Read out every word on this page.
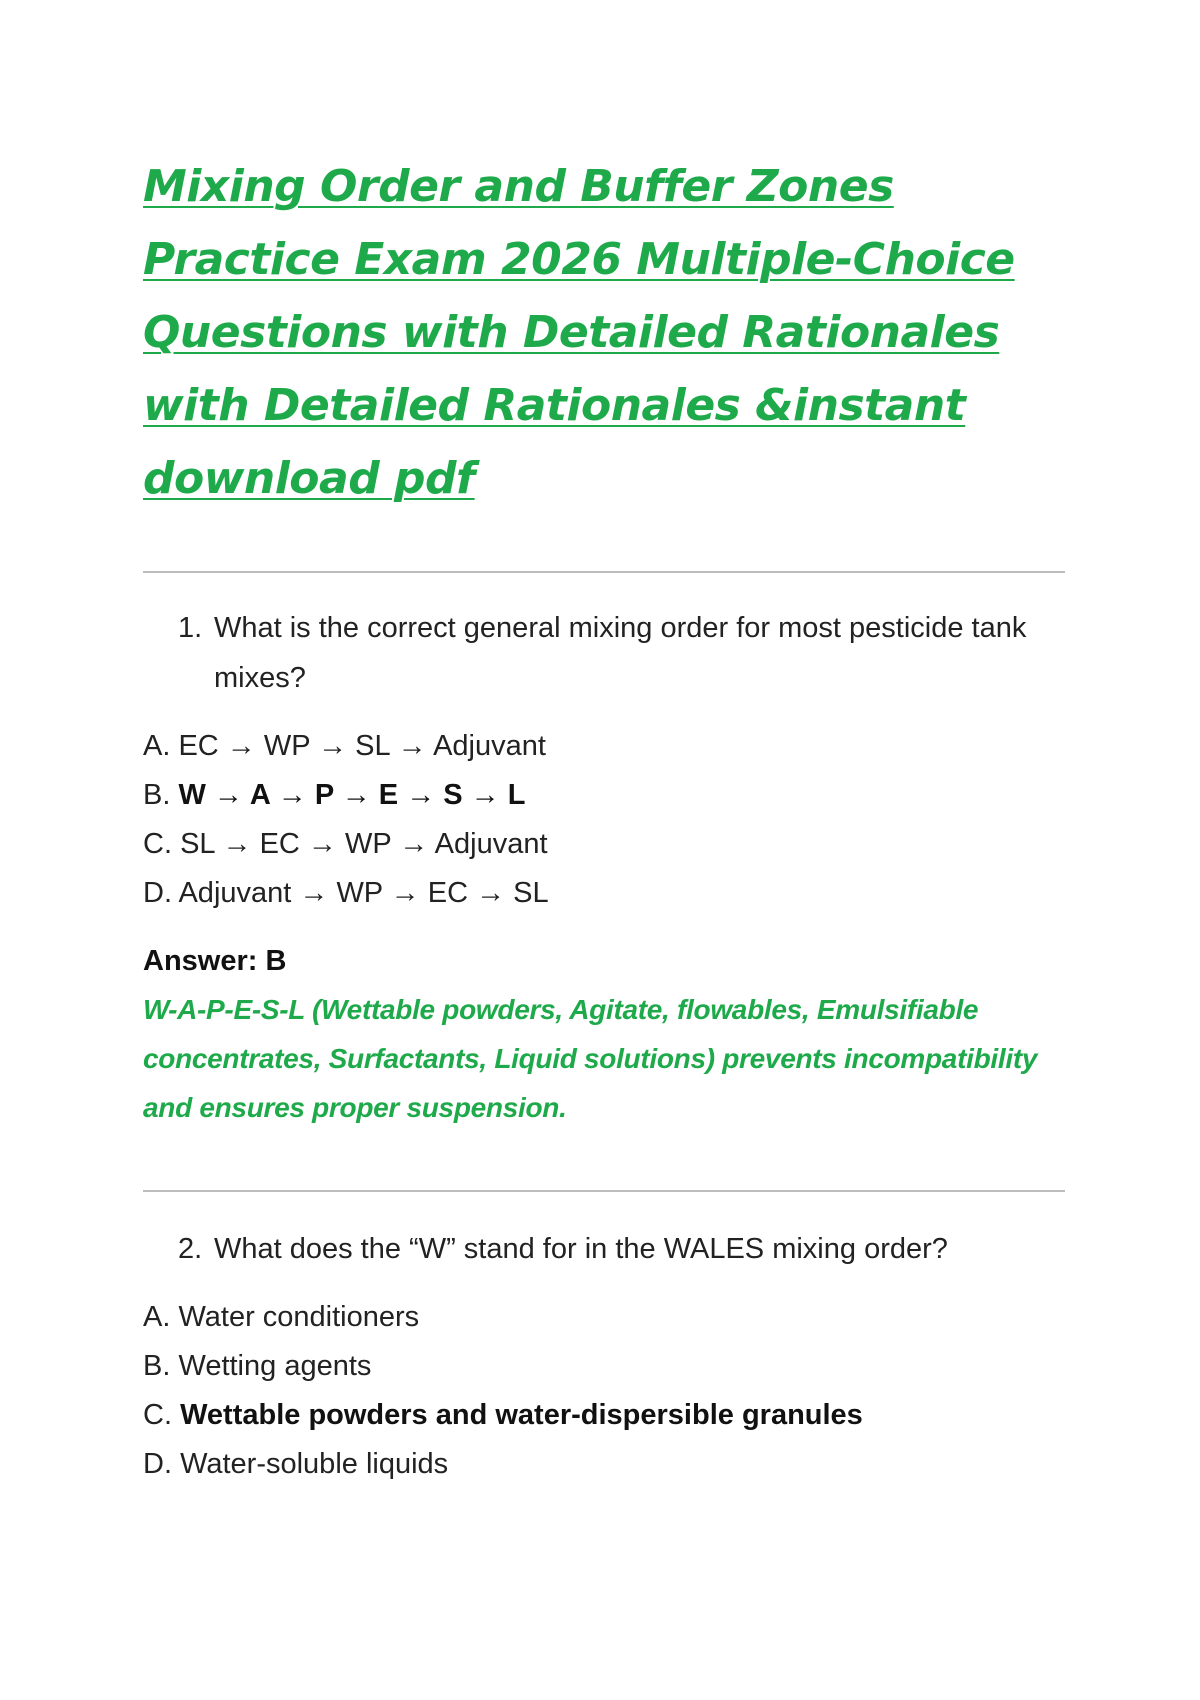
Mixing Order and Buffer Zones Practice Exam 2026 Multiple-Choice Questions with Detailed Rationales with Detailed Rationales &instant download pdf
1. What is the correct general mixing order for most pesticide tank mixes?
A. EC → WP → SL → Adjuvant
B. W → A → P → E → S → L
C. SL → EC → WP → Adjuvant
D. Adjuvant → WP → EC → SL
Answer: B
W-A-P-E-S-L (Wettable powders, Agitate, flowables, Emulsifiable concentrates, Surfactants, Liquid solutions) prevents incompatibility and ensures proper suspension.
2. What does the “W” stand for in the WALES mixing order?
A. Water conditioners
B. Wetting agents
C. Wettable powders and water-dispersible granules
D. Water-soluble liquids
